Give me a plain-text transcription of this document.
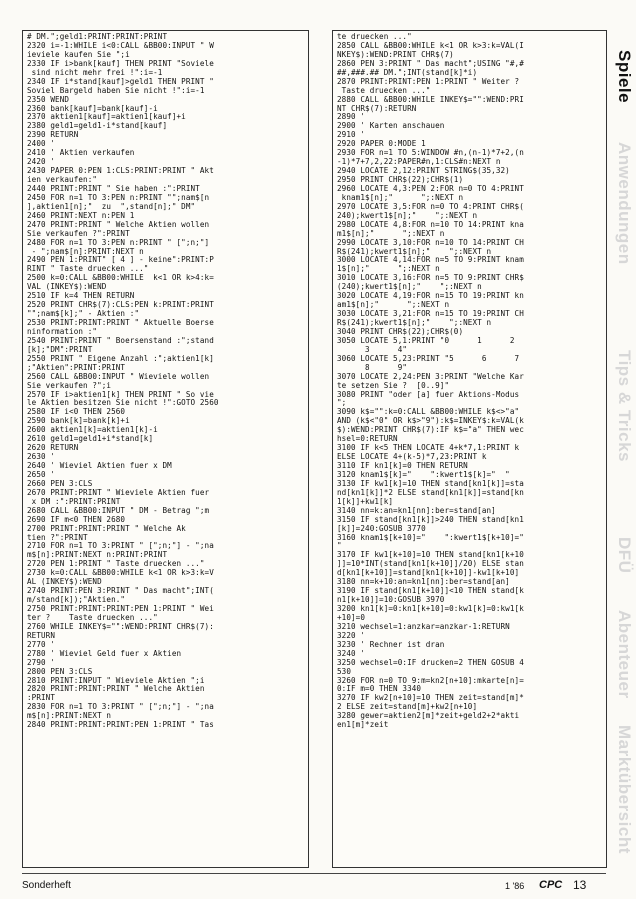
# DM.";geld1:PRINT:PRINT:PRINT
2320 i=-1:WHILE i<0:CALL &BB00:INPUT " W
ieviele kaufen Sie ";i
2330 IF i>bank[kauf] THEN PRINT "Soviele
sind nicht mehr frei !":i=-1
2340 IF i*stand[kauf]>geld1 THEN PRINT "
Soviel Bargeld haben Sie nicht !":i=-1
2350 WEND
2360 bank[kauf]=bank[kauf]-i
2370 aktien1[kauf]=aktien1[kauf]+i
2380 geld1=geld1-i*stand[kauf]
2390 RETURN
2400 '
2410 ' Aktien verkaufen
2420 '
2430 PAPER 0:PEN 1:CLS:PRINT:PRINT " Akt
ien verkaufen:"
2440 PRINT:PRINT " Sie haben :":PRINT
2450 FOR n=1 TO 3:PEN n:PRINT "";nam$[n
],aktien1[n];"  zu  ",stand[n];" DM"
2460 PRINT:NEXT n:PEN 1
2470 PRINT:PRINT " Welche Aktien wollen
Sie verkaufen ?":PRINT
2480 FOR n=1 TO 3:PEN n:PRINT " [";n;"]
- ";nam$[n]:PRINT:NEXT n
2490 PEN 1:PRINT" [ 4 ] - keine":PRINT:P
RINT " Taste druecken ..."
2500 k=0:CALL &BB00:WHILE  k<1 OR k>4:k=
VAL (INKEY$):WEND
2510 IF k=4 THEN RETURN
2520 PRINT CHR$(7):CLS:PEN k:PRINT:PRINT
"";nam$[k];" - Aktien :"
2530 PRINT:PRINT:PRINT " Aktuelle Boerse
ninformation :"
2540 PRINT:PRINT " Boersenstand :";stand
[k];"DM":PRINT
2550 PRINT " Eigene Anzahl :";aktien1[k]
;"Aktien":PRINT:PRINT
2560 CALL &BB00:INPUT " Wieviele wollen
Sie verkaufen ?";i
2570 IF i>aktien1[k] THEN PRINT " So vie
le Aktien besitzen Sie nicht !":GOTO 2560
2580 IF i<0 THEN 2560
2590 bank[k]=bank[k]+i
2600 aktien1[k]=aktien1[k]-i
2610 geld1=geld1+i*stand[k]
2620 RETURN
2630 '
2640 ' Wieviel Aktien fuer x DM
2650 '
2660 PEN 3:CLS
2670 PRINT:PRINT " Wieviele Aktien fuer
x DM :":PRINT:PRINT
2680 CALL &BB00:INPUT " DM - Betrag ";m
2690 IF m<0 THEN 2680
2700 PRINT:PRINT:PRINT " Welche Ak
tien ?":PRINT
2710 FOR n=1 TO 3:PRINT " [";n;"] - ";na
m$[n]:PRINT:NEXT n:PRINT:PRINT
2720 PEN 1:PRINT " Taste druecken ..."
2730 k=0:CALL &BB00:WHILE k<1 OR k>3:k=V
AL (INKEY$):WEND
2740 PRINT:PEN 3:PRINT " Das macht";INT(
m/stand[k]);"Aktien."
2750 PRINT:PRINT:PRINT:PEN 1:PRINT " Wei
ter ?    Taste druecken ..."
2760 WHILE INKEY$="":WEND:PRINT CHR$(7):
RETURN
2770 '
2780 ' Wieviel Geld fuer x Aktien
2790 '
2800 PEN 3:CLS
2810 PRINT:INPUT " Wieviele Aktien ";i
2820 PRINT:PRINT:PRINT " Welche Aktien
:PRINT
2830 FOR n=1 TO 3:PRINT " [";n;"] - ";na
m$[n]:PRINT:NEXT n
2840 PRINT:PRINT:PRINT:PEN 1:PRINT " Tas
te druecken ..."
2850 CALL &BB00:WHILE k<1 OR k>3:k=VAL(I
NKEY$):WEND:PRINT CHR$(7)
2860 PEN 3:PRINT " Das macht";USING "#,#
##,###.## DM.";INT(stand[k]*i)
2870 PRINT:PRINT:PEN 1:PRINT " Weiter ?
Taste druecken ..."
2880 CALL &BB00:WHILE INKEY$="":WEND:PRI
NT CHR$(7):RETURN
2890 '
2900 ' Karten anschauen
2910 '
2920 PAPER 0:MODE 1
2930 FOR n=1 TO 5:WINDOW #n,(n-1)*7+2,(n
-1)*7+7,2,22:PAPER#n,1:CLS#n:NEXT n
2940 LOCATE 2,12:PRINT STRING$(35,32)
2950 PRINT CHR$(22);CHR$(1)
2960 LOCATE 4,3:PEN 2:FOR n=0 TO 4:PRINT
knam1$[n];"      ";:NEXT n
2970 LOCATE 3,5:FOR n=0 TO 4:PRINT CHR$(
240);kwert1$[n];"    ";:NEXT n
2980 LOCATE 4,8:FOR n=10 TO 14:PRINT kna
m1$[n];"      ";:NEXT n
2990 LOCATE 3,10:FOR n=10 TO 14:PRINT CH
R$(241);kwert1$[n];"    ";:NEXT n
3000 LOCATE 4,14:FOR n=5 TO 9:PRINT knam
1$[n];"      ";:NEXT n
3010 LOCATE 3,16:FOR n=5 TO 9:PRINT CHR$
(240);kwert1$[n];"    ";:NEXT n
3020 LOCATE 4,19:FOR n=15 TO 19:PRINT kn
am1$[n];"      ";:NEXT n
3030 LOCATE 3,21:FOR n=15 TO 19:PRINT CH
R$(241);kwert1$[n];"    ";:NEXT n
3040 PRINT CHR$(22);CHR$(0)
3050 LOCATE 5,1:PRINT "0      1      2
3      4"
3060 LOCATE 5,23:PRINT "5      6      7
8      9"
3070 LOCATE 2,24:PEN 3:PRINT "Welche Kar
te setzen Sie ?  [0..9]"
3080 PRINT "oder [a] fuer Aktions-Modus
";
3090 k$="":k=0:CALL &BB00:WHILE k$<>"a"
AND (k$<"0" OR k$>"9"):k$=INKEY$:k=VAL(k
$):WEND:PRINT CHR$(7):IF k$="a" THEN wec
hsel=0:RETURN
3100 IF k<5 THEN LOCATE 4+k*7,1:PRINT k
ELSE LOCATE 4+(k-5)*7,23:PRINT k
3110 IF kn1[k]=0 THEN RETURN
3120 knam1$[k]="    ":kwert1$[k]="  "
3130 IF kw1[k]=10 THEN stand[kn1[k]]=sta
nd[kn1[k]]*2 ELSE stand[kn1[k]]=stand[kn
1[k]]+kw1[k]
3140 nn=k:an=kn1[nn]:ber=stand[an]
3150 IF stand[kn1[k]]>240 THEN stand[kn1
[k]]=240:GOSUB 3770
3160 knam1$[k+10]="    ":kwert1$[k+10]="
"
3170 IF kw1[k+10]=10 THEN stand[kn1[k+10
]]=10*INT(stand[kn1[k+10]]/20) ELSE stan
d[kn1[k+10]]=stand[kn1[k+10]]-kw1[k+10]
3180 nn=k+10:an=kn1[nn]:ber=stand[an]
3190 IF stand[kn1[k+10]]<10 THEN stand[k
n1[k+10]]=10:GOSUB 3970
3200 kn1[k]=0:kn1[k+10]=0:kw1[k]=0:kw1[k
+10]=0
3210 wechsel=1:anzkar=anzkar-1:RETURN
3220 '
3230 ' Rechner ist dran
3240 '
3250 wechsel=0:IF drucken=2 THEN GOSUB 4
530
3260 FOR n=0 TO 9:m=kn2[n+10]:mkarte[n]=
0:IF m=0 THEN 3340
3270 IF kw2[n+10]=10 THEN zeit=stand[m]*
2 ELSE zeit=stand[m]+kw2[n+10]
3280 gewer=aktien2[m]*zeit+geld2+2*akti
en1[m]*zeit
Spiele
Anwendungen
Tips & Tricks
DFÜ
Abenteuer
Marktübersicht
Sonderheft	1 '86 CPC 13
